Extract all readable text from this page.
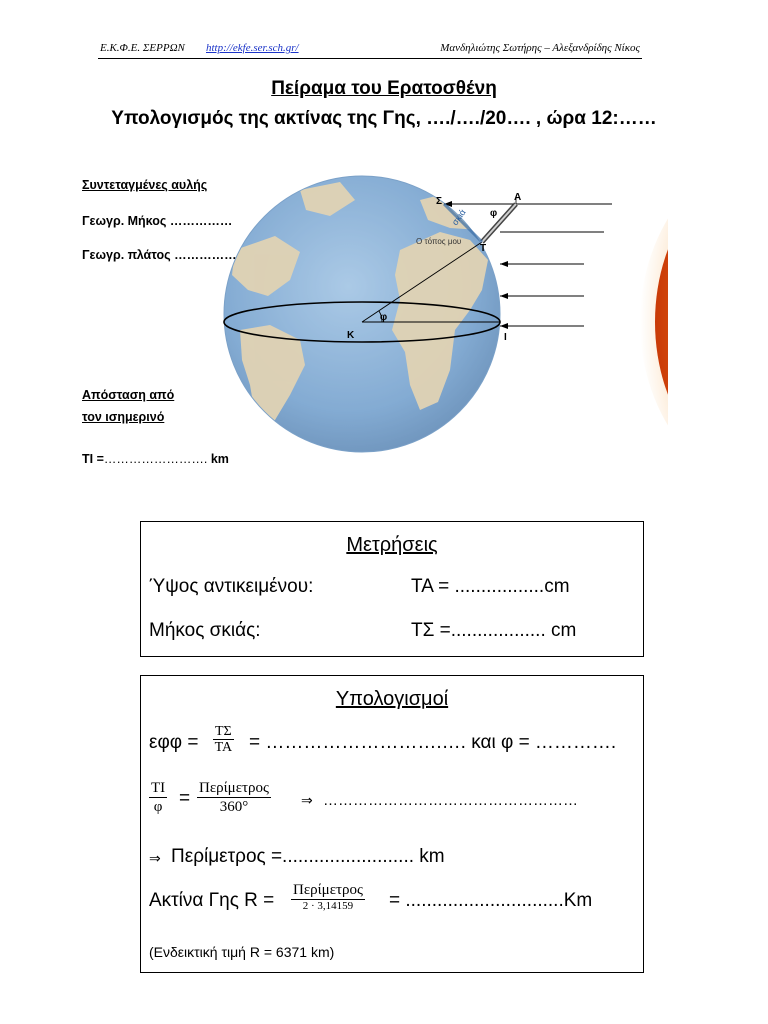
Ε.Κ.Φ.Ε. ΣΕΡΡΩΝ http://ekfe.ser.sch.gr/	Μανδηλιώτης Σωτήρης – Αλεξανδρίδης Νίκος
Πείραμα του Ερατοσθένη
Υπολογισμός της ακτίνας της Γης, …./…./20…. , ώρα 12:……
Συντεταγμένες αυλής
Γεωγρ. Μήκος ……………
Γεωγρ. πλάτος ……………
Απόσταση από
τον ισημερινό
ΤΙ =……………………. km
Σ	Α
φ
Τ
σκιά
Ο τόπος μου
Κ
φ
Ι
Μετρήσεις
Ύψος αντικειμένου:	ΤΑ = .................cm
Μήκος σκιάς:	ΤΣ =.................. cm
Υπολογισμοί
$\varepsilon\varphi\varphi = \frac{T\Sigma}{TA}$ = ……………………….…. και φ = ………….
$\frac{TI}{\varphi} = \Pi\varepsilon\rho ί\mu\varepsilon\tau\rho o\varsigma$
360°	⇒ ……………………………………………
⇒ Περίμετρος =......................... km
Ακτίνα Γης R = Περίμετρος
2 · 3,14159	= ..............................Km
(Ενδεικτική τιμή R = 6371 km)
